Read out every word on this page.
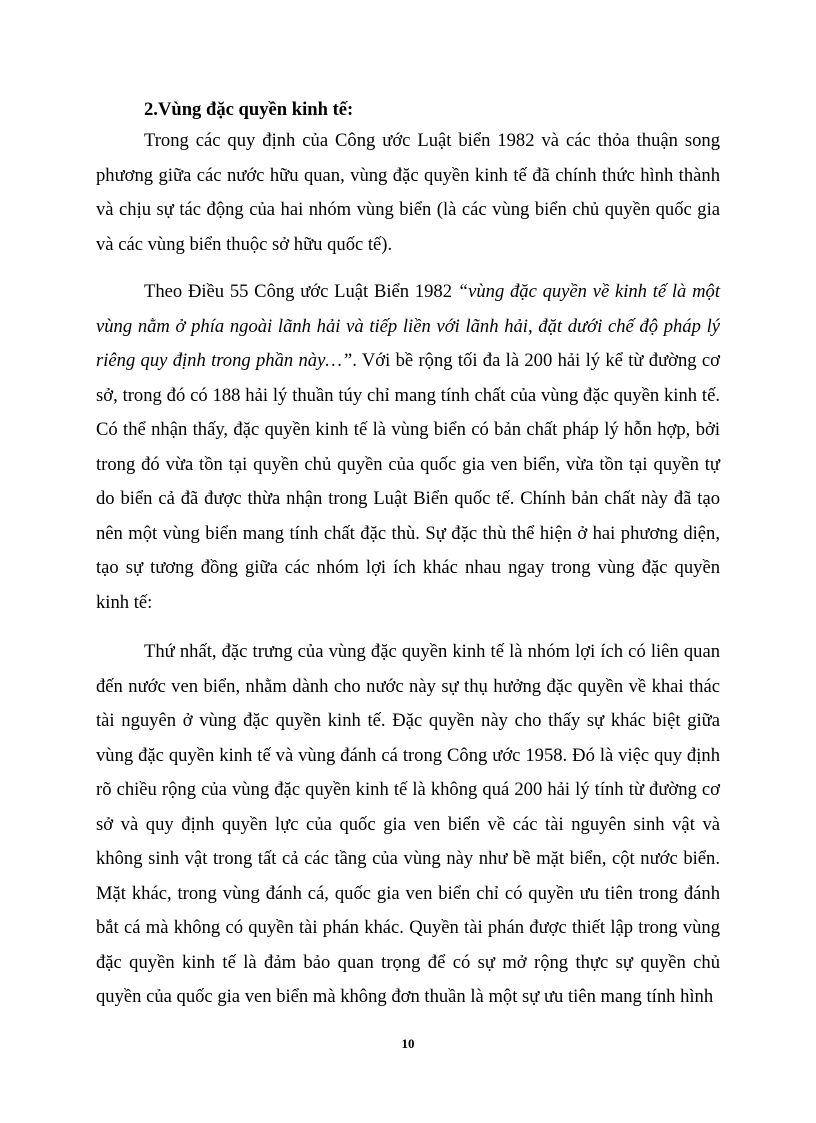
2.Vùng đặc quyền kinh tế:

Trong các quy định của Công ước Luật biển 1982 và các thỏa thuận song phương giữa các nước hữu quan, vùng đặc quyền kinh tế đã chính thức hình thành và chịu sự tác động của hai nhóm vùng biển (là các vùng biển chủ quyền quốc gia và các vùng biển thuộc sở hữu quốc tế).

Theo Điều 55 Công ước Luật Biển 1982 “vùng đặc quyền về kinh tế là một vùng nằm ở phía ngoài lãnh hải và tiếp liền với lãnh hải, đặt dưới chế độ pháp lý riêng quy định trong phần này…”. Với bề rộng tối đa là 200 hải lý kể từ đường cơ sở, trong đó có 188 hải lý thuần túy chỉ mang tính chất của vùng đặc quyền kinh tế. Có thể nhận thấy, đặc quyền kinh tế là vùng biển có bản chất pháp lý hỗn hợp, bởi trong đó vừa tồn tại quyền chủ quyền của quốc gia ven biển, vừa tồn tại quyền tự do biển cả đã được thừa nhận trong Luật Biển quốc tế. Chính bản chất này đã tạo nên một vùng biển mang tính chất đặc thù. Sự đặc thù thể hiện ở hai phương diện, tạo sự tương đồng giữa các nhóm lợi ích khác nhau ngay trong vùng đặc quyền kinh tế:

Thứ nhất, đặc trưng của vùng đặc quyền kinh tế là nhóm lợi ích có liên quan đến nước ven biển, nhằm dành cho nước này sự thụ hưởng đặc quyền về khai thác tài nguyên ở vùng đặc quyền kinh tế. Đặc quyền này cho thấy sự khác biệt giữa vùng đặc quyền kinh tế và vùng đánh cá trong Công ước 1958. Đó là việc quy định rõ chiều rộng của vùng đặc quyền kinh tế là không quá 200 hải lý tính từ đường cơ sở và quy định quyền lực của quốc gia ven biển về các tài nguyên sinh vật và không sinh vật trong tất cả các tầng của vùng này như bề mặt biển, cột nước biển. Mặt khác, trong vùng đánh cá, quốc gia ven biển chỉ có quyền ưu tiên trong đánh bắt cá mà không có quyền tài phán khác. Quyền tài phán được thiết lập trong vùng đặc quyền kinh tế là đảm bảo quan trọng để có sự mở rộng thực sự quyền chủ quyền của quốc gia ven biển mà không đơn thuần là một sự ưu tiên mang tính hình

10
